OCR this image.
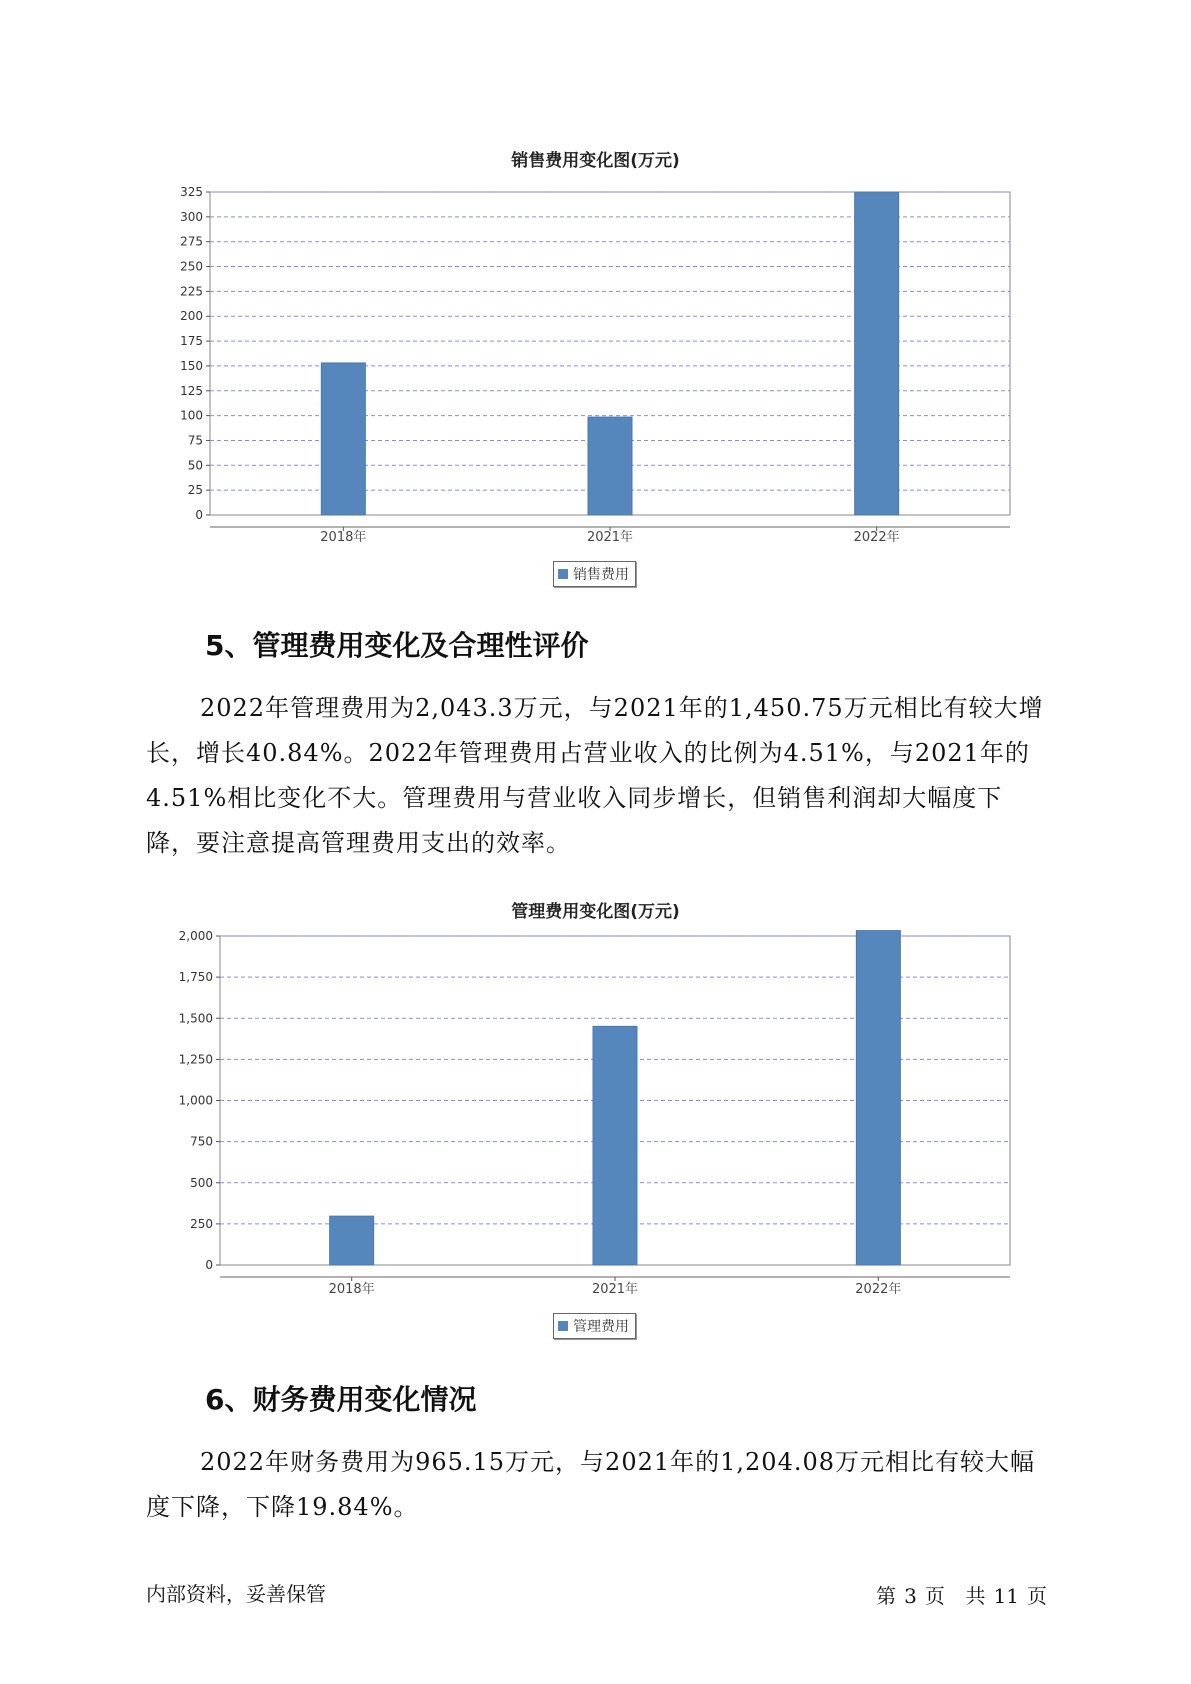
销售费用变化图(万元)
0
25
50
75
100
125
150
175
200
225
250
275
300
325
2018年	2021年	2022年
销售费用
5、管理费用变化及合理性评价

2022年管理费用为2,043.3万元，与2021年的1,450.75万元相比有较大增长，增长40.84%。2022年管理费用占营业收入的比例为4.51%，与2021年的4.51%相比变化不大。管理费用与营业收入同步增长，但销售利润却大幅度下降，要注意提高管理费用支出的效率。

管理费用变化图(万元)
0
250
500
750
1,000
1,250
1,500
1,750
2,000
2018年	2021年	2022年
管理费用
6、财务费用变化情况

2022年财务费用为965.15万元，与2021年的1,204.08万元相比有较大幅度下降，下降19.84%。

内部资料，妥善保管	第 3 页 共 11 页
